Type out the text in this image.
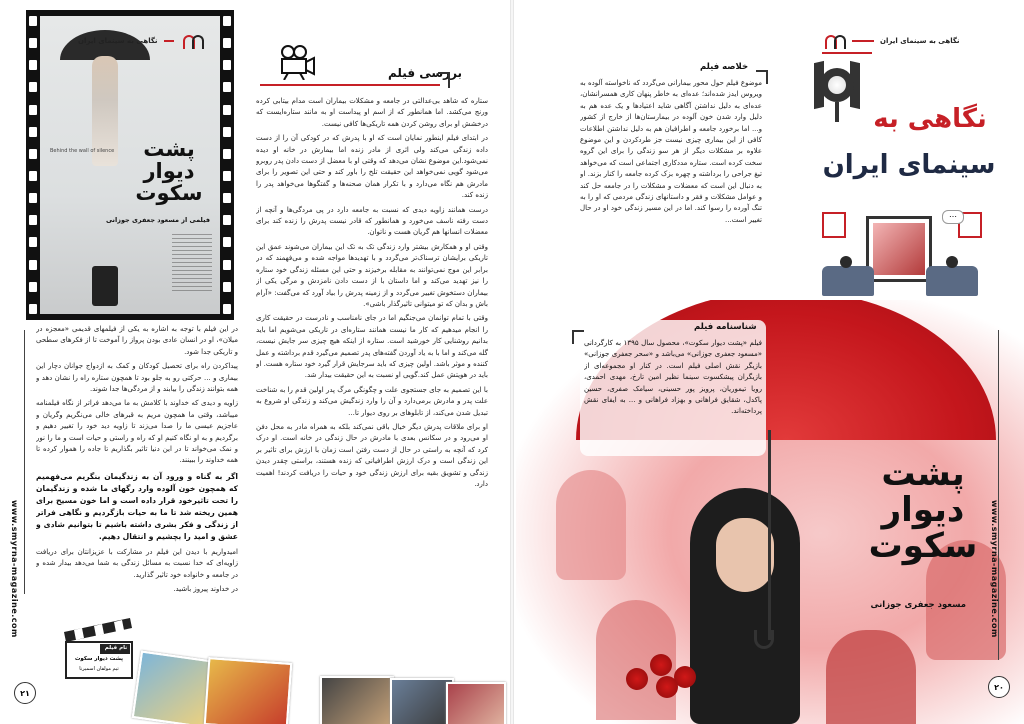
Behind the wall of silence	پشت دیوار سکوت
فیلمی از مسعود جعفری جوزانی
نگاهی به سینمای ایران
بررسی فیلم

ستاره که شاهد بی‌عدالتی در جامعه و مشکلات بیماران است مدام بیتابی کرده ورنج می‌کشد. اما همانطور که از اسم او پیداست او به مانند ستاره‌ایست که درخشش او برای روشن کردن همه تاریکی‌ها کافی نیست.

در ابتدای فیلم اینطور نمایان است که او با پدرش که در کودکی آن را از دست داده زندگی می‌کند ولی اثری از مادر زنده اما بیمارش در خانه او دیده نمی‌شود.این موضوع نشان می‌دهد که وقتی او با معضل از دست دادن پدر روبرو می‌شود گویی نمی‌خواهد این حقیقت تلخ را باور کند و حتی این تصویر را برای مادرش هم نگاه می‌دارد و با تکرار همان صحنه‌ها و گفتگوها می‌خواهد پدر را زنده کند.

درست همانند زاویه دیدی که نسبت به جامعه دارد در پی مردگی‌ها و آنچه از دست رفته ناسف می‌خورد و همانطور که قادر نیست پدرش را زنده کند برای معضلات انسانها هم گریان هست و ناتوان.

وقتی او و همکارش بیشتر وارد زندگی تک به تک این بیماران می‌شوند عمق این تاریکی برایشان ترسناک‌تر می‌گردد و با تهدیدها مواجه شده و می‌فهمند که در برابر این موج نمی‌توانند به مقابله برخیزند و حتی این مسئله زندگی خود ستاره را نیز تهدید می‌کند و اما داستان با از دست دادن نامزدش و مرگی یکی از بیماران دستخوش تغییر می‌گردد و از زمینه پدرش را بیاد آورد که می‌گفت: «آرام باش و بدان که تو میتوانی تاثیرگذار باشی».

وقتی با تمام توانمان می‌جنگیم اما در جای نامناسب و نادرست در حقیقت کاری را انجام میدهیم که کار ما نیست همانند ستاره‌ای در تاریکی می‌شویم اما باید بدانیم روشنایی کار خورشید است. ستاره از اینکه هیچ چیزی سر جایش نیست، گله می‌کند و اما با به یاد آوردن گفته‌های پدر تصمیم می‌گیرد قدم برداشته و عمل کننده و موثر باشد. اولین چیزی که باید سرجایش قرار گیرد خود ستاره هست. او باید در هویتش عمل کند.گویی او نسبت به این حقیقت بیدار شد.

با این تصمیم به جای جستجوی علت و چگونگی مرگ پدر اولین قدم را به شناخت علت پدر و مادرش برمی‌دارد و آن را وارد زندگیش می‌کند و زندگی او شروع به تبدیل شدن می‌کند، از تابلوهای بر روی دیوار تا...

او برای ملاقات پدرش دیگر خیال باقی نمی‌کند بلکه به همراه مادر به محل دفن او می‌رود و در سکانس بعدی با مادرش در حال زندگی در خانه است. او درک کرد که آنچه به راستی در حال از دست رفتن است زمان با ارزش برای تاثیر بر این زندگی است و درک ارزش اطرافیانی که زنده هستند، براستی چقدر دیدن زندگی و تشویق بقیه برای ارزش زندگی خود و حیات را دریافت کردند! اهمیت دارد.

در این فیلم با توجه به اشاره به یکی از فیلمهای قدیمی «معجزه در میلان»، او در انسان عادی بودن پرواز را آموخت تا از فکرهای سطحی و تاریکی جدا شود.

پیداکردن راه برای تحصیل کودکان و کمک به ازدواج جوانان دچار این بیماری و ... حرکتی رو به جلو بود تا همچون ستاره راه را نشان دهد و همه بتوانند زندگی را بیابند و از مردگی‌ها جدا شوند.

زاویه و دیدی که خداوند با کلامش به ما می‌دهد فراتر از نگاه فیلمنامه میباشد، وقتی ما همچون مریم به قبرهای خالی می‌نگریم وگریان و عاجزیم عیسی ما را صدا می‌زند تا زاویه دید خود را تغییر دهیم و برگردیم و به او نگاه کنیم او که راه و راستی و حیات است و ما را نور و نمک می‌خواند تا در این دنیا تاثیر بگذاریم تا جاده را هموار کرده تا همه خداوند را ببینند.

اگر به گناه و ورود آن به زندگیمان بنگریم می‌فهمیم که همچون خون آلوده وارد رگهای ما شده و زندگیمان را تحت تاثیرخود قرار داده است و اما خون مسیح برای همین ریخته شد تا ما به حیات بازگردیم و نگاهی فراتر از زندگی و فکر بشری داشته باشیم تا بتوانیم شادی و عشق و امید را بچشیم و انتقال دهیم.

امیدواریم با دیدن این فیلم در مشارکت با عزیزانتان برای دریافت زاویه‌ای که خدا نسبت به مسائل زندگی به شما می‌دهد بیدار شده و در جامعه و خانواده خود تاثیر گذارید.

در خداوند پیروز باشید.

www.smyrna-magazine.com
۲۱
نام فیلم
پشت دیوار سکوت
تیم مولفان اسمیرنا
نگاهی به سینمای ایران
نگاهی به
سینمای ایران
…
خلاصه فیلم
موضوع فیلم حول محور بیمارانی می‌گردد که ناخواسته آلوده به ویروس ایدز شده‌اند؛ عده‌ای به خاطر پنهان کاری همسرانشان، عده‌ای به دلیل نداشتن آگاهی شاید اعتیادها و یک عده هم به دلیل وارد شدن خون آلوده در بیمارستان‌ها از خارج از کشور و... اما برخورد جامعه و اطرافیان هم به دلیل نداشتن اطلاعات کافی از این بیماری چیزی نیست جز طردکردن و این موضوع علاوه بر مشکلات دیگر از هر سو زندگی را برای این گروه سخت کرده است. ستاره مددکاری اجتماعی است که می‌خواهد تیغ جراحی را برداشته و چهره بزک کرده جامعه را کنار بزند. او به دنبال این است که معضلات و مشکلات را در جامعه حل کند و عوامل مشکلات و فقر و داستانهای زندگی مردمی که او را به تنگ آورده را رسوا کند. اما در این مسیر زندگی خود او در حال تغییر است...
پشت دیوار سکوت
مسعود جعفری جوزانی
شناسنامه فیلم
فیلم «پشت دیوار سکوت»، محصول سال ۱۳۹۵ به کارگردانی «مسعود جعفری جوزانی» می‌باشد و «سحر جعفری جوزانی» بازیگر نقش اصلی فیلم است. در کنار او مجموعه‌ای از بازیگران پیشکسوت سینما نظیر امین تارخ، مهدی احمدی، رویا تیموریان، پرویز پور حسینی، سیامک صفری، حسین پاکدل، شقایق فراهانی و بهزاد فراهانی و ... به ایفای نقش پرداخته‌اند.
www.smyrna-magazine.com
۲۰
